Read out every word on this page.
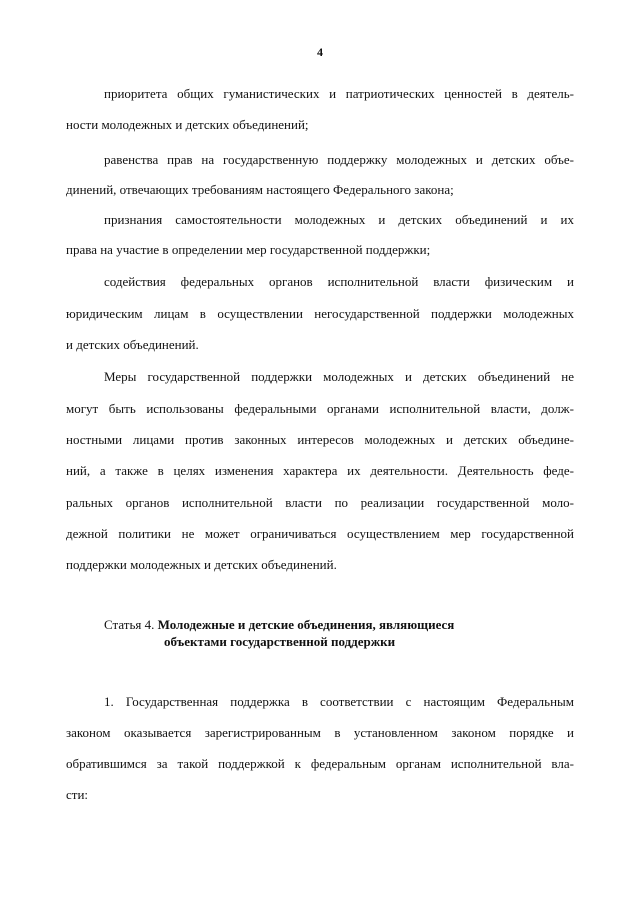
4
приоритета общих гуманистических и патриотических ценностей в деятель-
ности молодежных и детских объединений;
равенства прав на государственную поддержку молодежных и детских объе-
динений, отвечающих требованиям настоящего Федерального закона;
признания самостоятельности молодежных и детских объединений и их
права на участие в определении мер государственной поддержки;
содействия федеральных органов исполнительной власти физическим и
юридическим лицам в осуществлении негосударственной поддержки молодежных
и детских объединений.
Меры государственной поддержки молодежных и детских объединений не
могут быть использованы федеральными органами исполнительной власти, долж-
ностными лицами против законных интересов молодежных и детских объедине-
ний, а также в целях изменения характера их деятельности. Деятельность феде-
ральных органов исполнительной власти по реализации государственной моло-
дежной политики не может ограничиваться осуществлением мер государственной
поддержки молодежных и детских объединений.
Статья 4. Молодежные и детские объединения, являющиеся
объектами государственной поддержки
1. Государственная поддержка в соответствии с настоящим Федеральным
законом оказывается зарегистрированным в установленном законом порядке и
обратившимся за такой поддержкой к федеральным органам исполнительной вла-
сти:
